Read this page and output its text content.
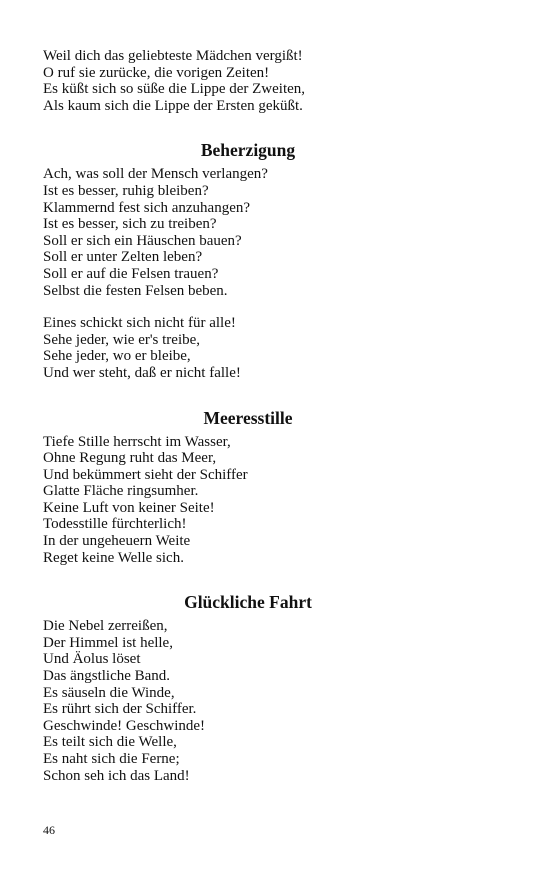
Weil dich das geliebteste Mädchen vergißt!
O ruf sie zurücke, die vorigen Zeiten!
Es küßt sich so süße die Lippe der Zweiten,
Als kaum sich die Lippe der Ersten geküßt.
Beherzigung
Ach, was soll der Mensch verlangen?
Ist es besser, ruhig bleiben?
Klammernd fest sich anzuhangen?
Ist es besser, sich zu treiben?
Soll er sich ein Häuschen bauen?
Soll er unter Zelten leben?
Soll er auf die Felsen trauen?
Selbst die festen Felsen beben.
Eines schickt sich nicht für alle!
Sehe jeder, wie er's treibe,
Sehe jeder, wo er bleibe,
Und wer steht, daß er nicht falle!
Meeresstille
Tiefe Stille herrscht im Wasser,
Ohne Regung ruht das Meer,
Und bekümmert sieht der Schiffer
Glatte Fläche ringsumher.
Keine Luft von keiner Seite!
Todesstille fürchterlich!
In der ungeheuern Weite
Reget keine Welle sich.
Glückliche Fahrt
Die Nebel zerreißen,
Der Himmel ist helle,
Und Äolus löset
Das ängstliche Band.
Es säuseln die Winde,
Es rührt sich der Schiffer.
Geschwinde! Geschwinde!
Es teilt sich die Welle,
Es naht sich die Ferne;
Schon seh ich das Land!
46
